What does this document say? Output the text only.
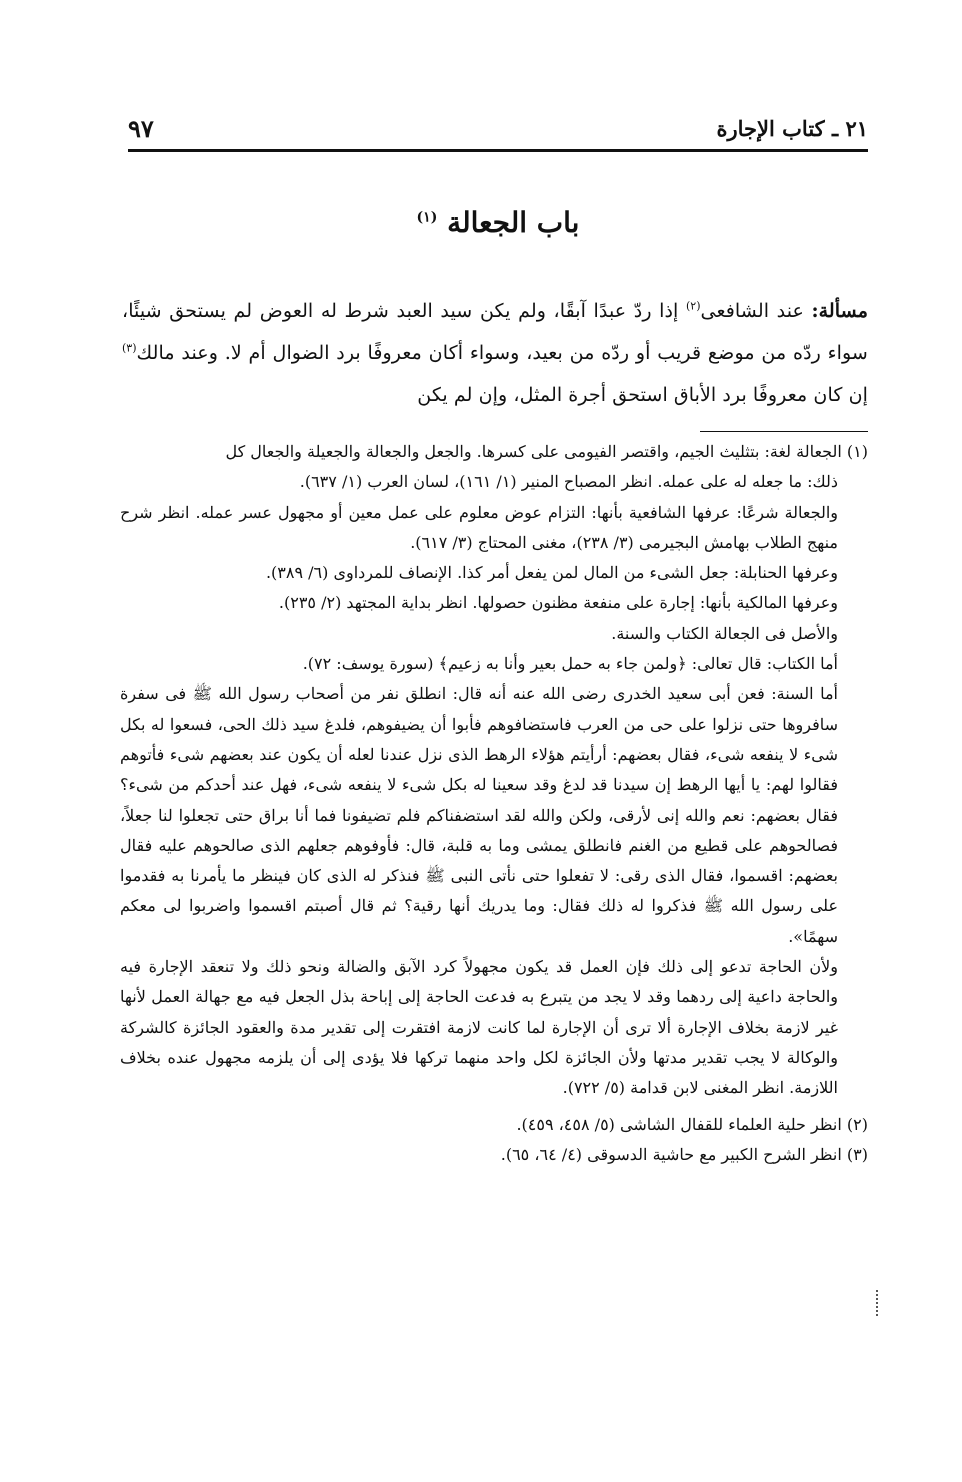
٢١ ـ كتاب الإجارة
٩٧
باب الجعالة $^{(١)}$
مسألة: عند الشافعى$^{(٢)}$ إذا ردّ عبدًا آبقًا، ولم يكن سيد العبد شرط له العوض لم يستحق شيئًا، سواء ردّه من موضع قريب أو ردّه من بعيد، وسواء أكان معروفًا برد الضوال أم لا. وعند مالك$^{(٣)}$ إن كان معروفًا برد الأباق استحق أجرة المثل، وإن لم يكن

(١) الجعالة لغة: بتثليث الجيم، واقتصر الفيومى على كسرها. والجعل والجعالة والجعيلة والجعال كل

ذلك: ما جعله له على عمله. انظر المصباح المنير (١/ ١٦١)، لسان العرب (١/ ٦٣٧).

والجعالة شرعًا: عرفها الشافعية بأنها: التزام عوض معلوم على عمل معين أو مجهول عسر عمله. انظر شرح منهج الطلاب بهامش البجيرمى (٣/ ٢٣٨)، مغنى المحتاج (٣/ ٦١٧).

وعرفها الحنابلة: جعل الشىء من المال لمن يفعل أمر كذا. الإنصاف للمرداوى (٦/ ٣٨٩).

وعرفها المالكية بأنها: إجارة على منفعة مظنون حصولها. انظر بداية المجتهد (٢/ ٢٣٥).

والأصل فى الجعالة الكتاب والسنة.

أما الكتاب: قال تعالى: ﴿ولمن جاء به حمل بعير وأنا به زعيم﴾ (سورة يوسف: ٧٢).

أما السنة: فعن أبى سعيد الخدرى رضى الله عنه أنه قال: انطلق نفر من أصحاب رسول الله ﷺ فى سفرة سافروها حتى نزلوا على حى من العرب فاستضافوهم فأبوا أن يضيفوهم، فلدغ سيد ذلك الحى، فسعوا له بكل شىء لا ينفعه شىء، فقال بعضهم: أرأيتم هؤلاء الرهط الذى نزل عندنا لعله أن يكون عند بعضهم شىء فأتوهم فقالوا لهم: يا أيها الرهط إن سيدنا قد لدغ وقد سعينا له بكل شىء لا ينفعه شىء، فهل عند أحدكم من شىء؟ فقال بعضهم: نعم والله إنى لأرقى، ولكن والله لقد استضفناكم فلم تضيفونا فما أنا براق حتى تجعلوا لنا جعلاً، فصالحوهم على قطيع من الغنم فانطلق يمشى وما به قلبة، قال: فأوفوهم جعلهم الذى صالحوهم عليه فقال بعضهم: اقسموا، فقال الذى رقى: لا تفعلوا حتى نأتى النبى ﷺ فنذكر له الذى كان فينظر ما يأمرنا به فقدموا على رسول الله ﷺ فذكروا له ذلك فقال: وما يدريك أنها رقية؟ ثم قال أصبتم اقسموا واضربوا لى معكم سهمًا».

ولأن الحاجة تدعو إلى ذلك فإن العمل قد يكون مجهولاً كرد الآبق والضالة ونحو ذلك ولا تنعقد الإجارة فيه والحاجة داعية إلى ردهما وقد لا يجد من يتبرع به فدعت الحاجة إلى إباحة بذل الجعل فيه مع جهالة العمل لأنها غير لازمة بخلاف الإجارة ألا ترى أن الإجارة لما كانت لازمة افتقرت إلى تقدير مدة والعقود الجائزة كالشركة والوكالة لا يجب تقدير مدتها ولأن الجائزة لكل واحد منهما تركها فلا يؤدى إلى أن يلزمه مجهول عنده بخلاف اللازمة. انظر المغنى لابن قدامة (٥/ ٧٢٢).

(٢) انظر حلية العلماء للقفال الشاشى (٥/ ٤٥٨، ٤٥٩).

(٣) انظر الشرح الكبير مع حاشية الدسوقى (٤/ ٦٤، ٦٥).
